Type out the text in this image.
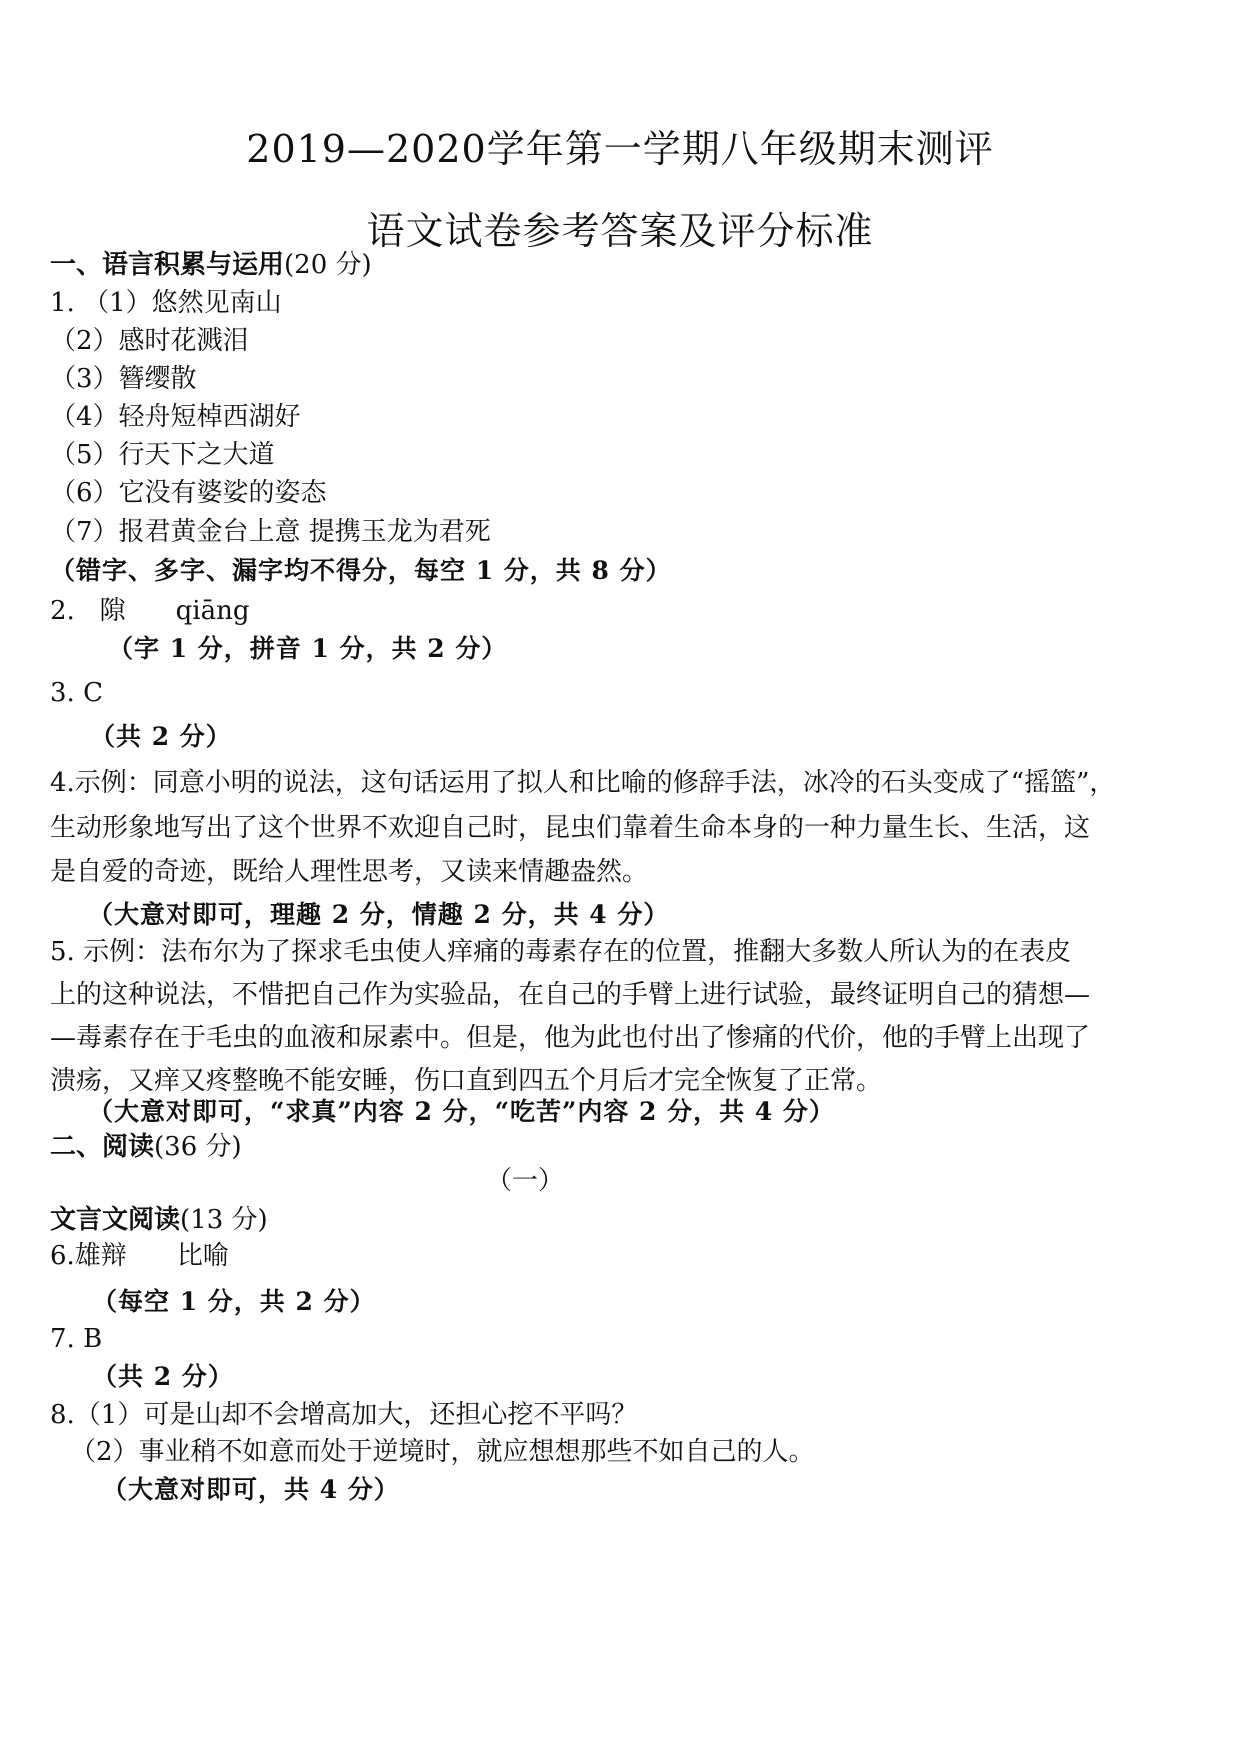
2019—2020学年第一学期八年级期末测评
语文试卷参考答案及评分标准
一、语言积累与运用(20 分)
1. （1）悠然见南山
（2）感时花溅泪
（3）簪缨散
（4）轻舟短棹西湖好
（5）行天下之大道
（6）它没有婆娑的姿态
（7）报君黄金台上意 提携玉龙为君死
（错字、多字、漏字均不得分，每空 1 分，共 8 分）
2. 隙 qiāng
（字 1 分，拼音 1 分，共 2 分）
3. C
（共 2 分）
4.示例：同意小明的说法，这句话运用了拟人和比喻的修辞手法，冰冷的石头变成了“摇篮”，
生动形象地写出了这个世界不欢迎自己时，昆虫们靠着生命本身的一种力量生长、生活，这
是自爱的奇迹，既给人理性思考，又读来情趣盎然。
（大意对即可，理趣 2 分，情趣 2 分，共 4 分）
5. 示例：法布尔为了探求毛虫使人痒痛的毒素存在的位置，推翻大多数人所认为的在表皮
上的这种说法，不惜把自己作为实验品，在自己的手臂上进行试验，最终证明自己的猜想—
—毒素存在于毛虫的血液和尿素中。但是，他为此也付出了惨痛的代价，他的手臂上出现了
溃疡，又痒又疼整晚不能安睡，伤口直到四五个月后才完全恢复了正常。
（大意对即可，“求真”内容 2 分，“吃苦”内容 2 分，共 4 分）
二、阅读(36 分)
（一）
文言文阅读(13 分)
6.雄辩 比喻
（每空 1 分，共 2 分）
7. B
（共 2 分）
8.（1）可是山却不会增高加大，还担心挖不平吗？
（2）事业稍不如意而处于逆境时，就应想想那些不如自己的人。
（大意对即可，共 4 分）
